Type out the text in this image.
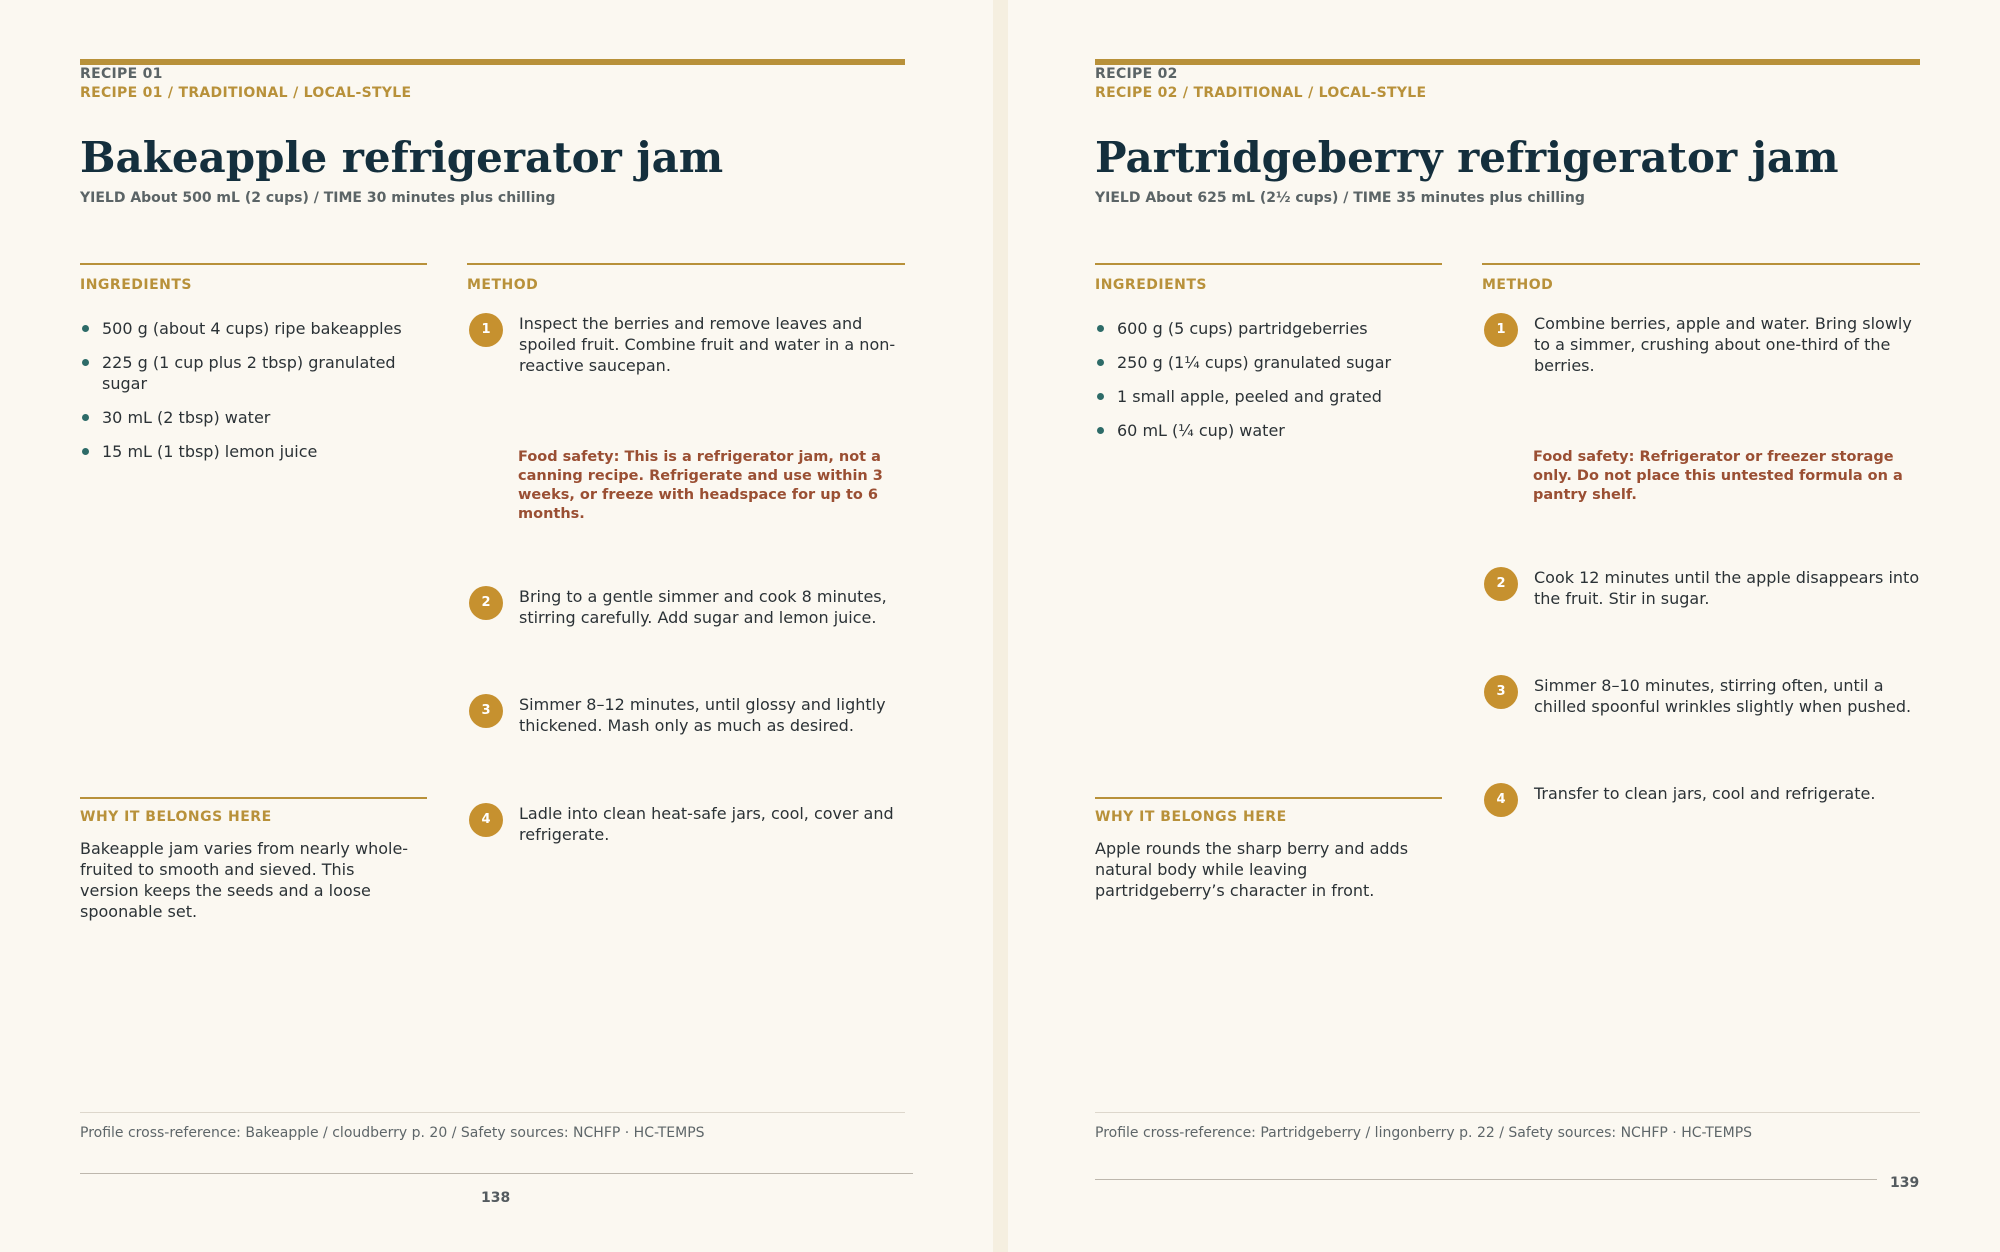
RECIPE 01
RECIPE 01 / TRADITIONAL / LOCAL-STYLE
Bakeapple refrigerator jam
YIELD About 500 mL (2 cups) / TIME 30 minutes plus chilling
INGREDIENTS
500 g (about 4 cups) ripe bakeapples
225 g (1 cup plus 2 tbsp) granulated sugar
30 mL (2 tbsp) water
15 mL (1 tbsp) lemon juice
METHOD
1	Inspect the berries and remove leaves and spoiled fruit. Combine fruit and water in a non-reactive saucepan.
Food safety: This is a refrigerator jam, not a canning recipe. Refrigerate and use within 3 weeks, or freeze with headspace for up to 6 months.
2	Bring to a gentle simmer and cook 8 minutes, stirring carefully. Add sugar and lemon juice.
3	Simmer 8–12 minutes, until glossy and lightly thickened. Mash only as much as desired.
4	Ladle into clean heat-safe jars, cool, cover and refrigerate.
WHY IT BELONGS HERE
Bakeapple jam varies from nearly whole-fruited to smooth and sieved. This version keeps the seeds and a loose spoonable set.
Profile cross-reference: Bakeapple / cloudberry p. 20 / Safety sources: NCHFP · HC-TEMPS
138
RECIPE 02
RECIPE 02 / TRADITIONAL / LOCAL-STYLE
Partridgeberry refrigerator jam
YIELD About 625 mL (2½ cups) / TIME 35 minutes plus chilling
INGREDIENTS
600 g (5 cups) partridgeberries
250 g (1¼ cups) granulated sugar
1 small apple, peeled and grated
60 mL (¼ cup) water
METHOD
1	Combine berries, apple and water. Bring slowly to a simmer, crushing about one-third of the berries.
Food safety: Refrigerator or freezer storage only. Do not place this untested formula on a pantry shelf.
2	Cook 12 minutes until the apple disappears into the fruit. Stir in sugar.
3	Simmer 8–10 minutes, stirring often, until a chilled spoonful wrinkles slightly when pushed.
4	Transfer to clean jars, cool and refrigerate.
WHY IT BELONGS HERE
Apple rounds the sharp berry and adds natural body while leaving partridgeberry’s character in front.
Profile cross-reference: Partridgeberry / lingonberry p. 22 / Safety sources: NCHFP · HC-TEMPS
139
